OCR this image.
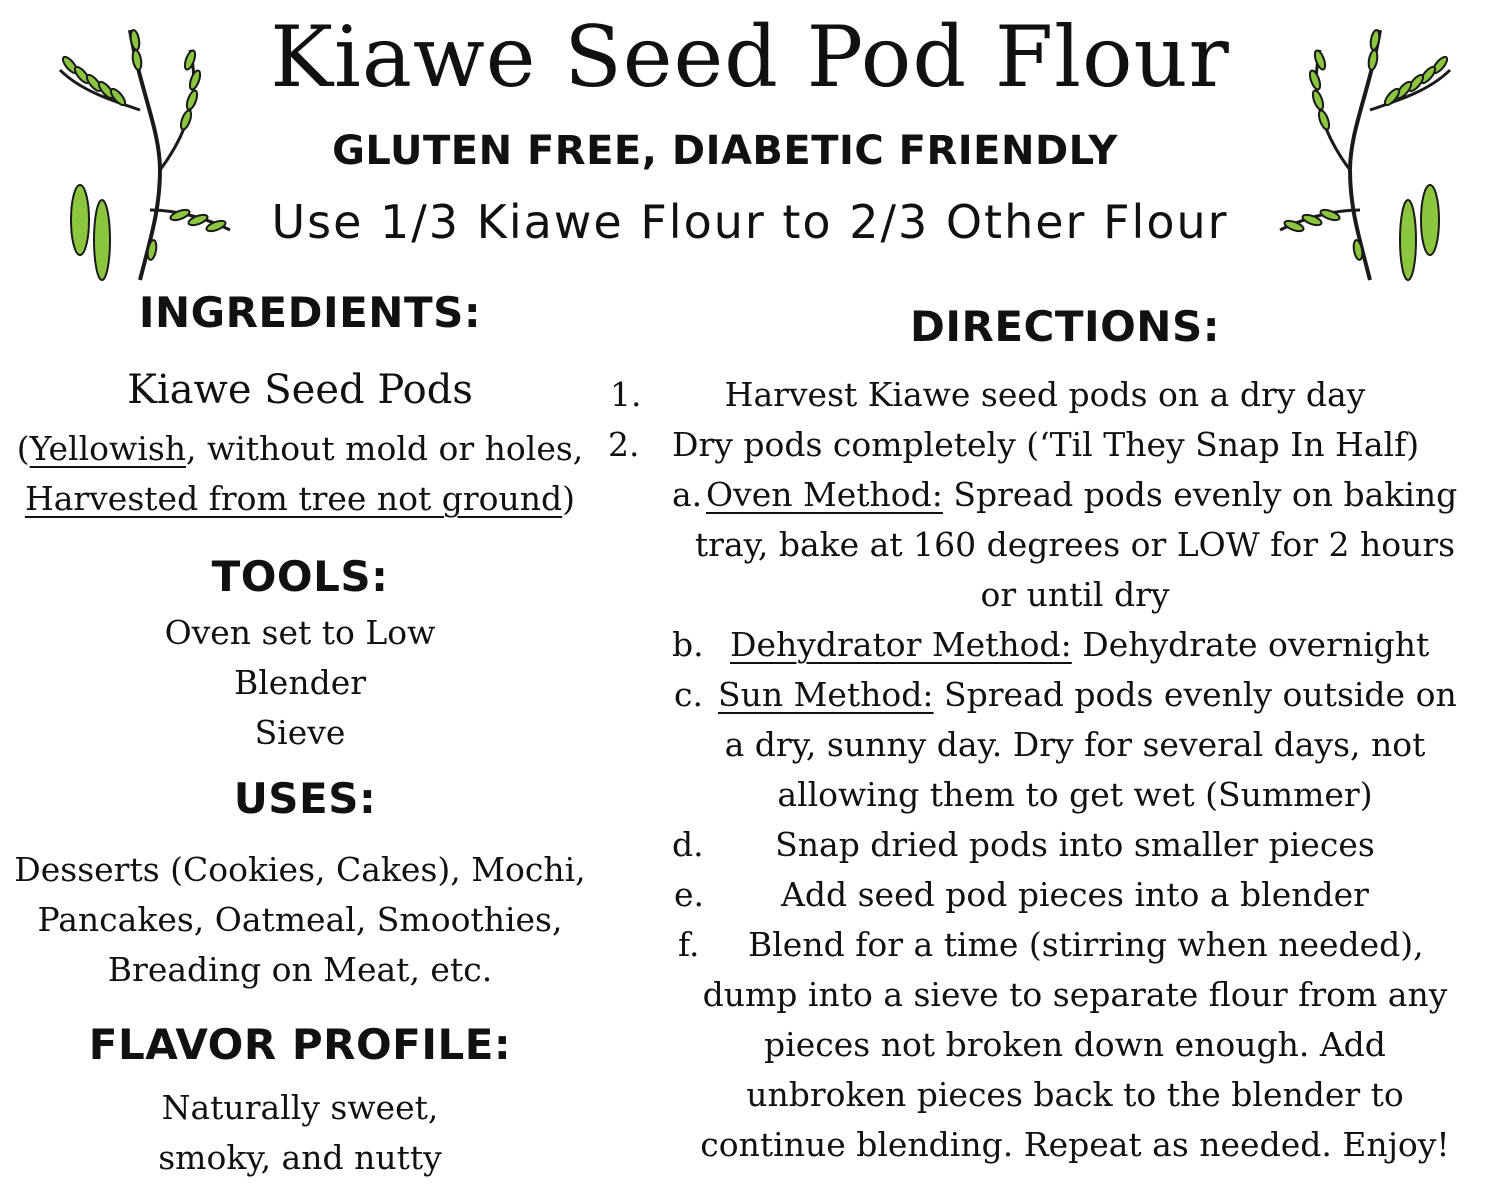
Kiawe Seed Pod Flour
GLUTEN FREE, DIABETIC FRIENDLY
Use 1/3 Kiawe Flour to 2/3 Other Flour
INGREDIENTS:
Kiawe Seed Pods
(Yellowish, without mold or holes,
Harvested from tree not ground)
TOOLS:
Oven set to Low
Blender
Sieve
USES:
Desserts (Cookies, Cakes), Mochi,
Pancakes, Oatmeal, Smoothies,
Breading on Meat, etc.
FLAVOR PROFILE:
Naturally sweet,
smoky, and nutty
DIRECTIONS:
1.	Harvest Kiawe seed pods on a dry day
2. Dry pods completely (‘Til They Snap In Half)
a. Oven Method: Spread pods evenly on baking
tray, bake at 160 degrees or LOW for 2 hours
or until dry
b. Dehydrator Method: Dehydrate overnight
c. Sun Method: Spread pods evenly outside on
a dry, sunny day. Dry for several days, not
allowing them to get wet (Summer)
d.	Snap dried pods into smaller pieces
e.	Add seed pod pieces into a blender
f. Blend for a time (stirring when needed),
dump into a sieve to separate flour from any
pieces not broken down enough. Add
unbroken pieces back to the blender to
continue blending. Repeat as needed. Enjoy!
